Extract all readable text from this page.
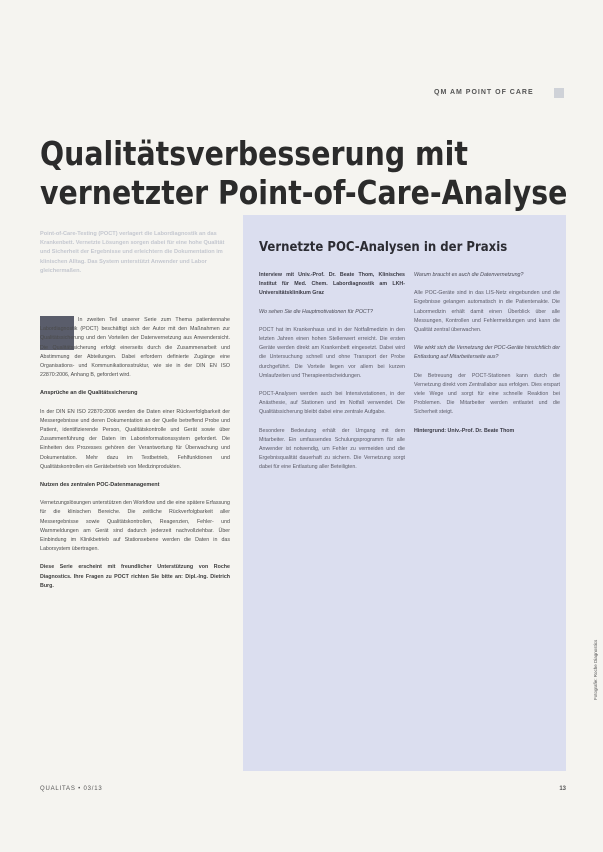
QM AM POINT OF CARE
Qualitätsverbesserung mit
vernetzter Point-of-Care-Analyse
Point-of-Care-Testing (POCT) verlagert die Labordiagnostik an das Krankenbett. Vernetzte Lösungen sorgen dabei für eine hohe Qualität und Sicherheit der Ergebnisse und erleichtern die Dokumentation im klinischen Alltag. Das System unterstützt Anwender und Labor gleichermaßen.

In zweiten Teil unserer Serie zum Thema patientennahe Labordiagnostik (POCT) beschäftigt sich der Autor mit den Maßnahmen zur Qualitätssicherung und den Vorteilen der Datenvernetzung aus Anwendersicht. Die Qualitätssicherung erfolgt einerseits durch die Zusammenarbeit und Abstimmung der Abteilungen. Dabei erfordern definierte Zugänge eine Organisations- und Kommunikationsstruktur, wie sie in der DIN EN ISO 22870:2006, Anhang B, gefordert wird.

Ansprüche an die Qualitätssicherung

In der DIN EN ISO 22870:2006 werden die Daten einer Rückverfolgbarkeit der Messergebnisse und deren Dokumentation an der Quelle betreffend Probe und Patient, identifizierende Person, Qualitätskontrolle und Gerät sowie über Zusammenführung der Daten im Laborinformationssystem gefordert. Die Einheiten des Prozesses gehören der Verantwortung für Überwachung und Dokumentation. Mehr dazu im Testbetrieb, Fehlfunktionen und Qualitätskontrollen ein Gerätebetrieb von Medizinprodukten.

Nutzen des zentralen POC-Datenmanagement

Vernetzungslösungen unterstützen den Workflow und die eine spätere Erfassung für die klinischen Bereiche. Die zeitliche Rückverfolgbarkeit aller Messergebnisse sowie Qualitätskontrollen, Reagenzien, Fehler- und Warnmeldungen am Gerät sind dadurch jederzeit nachvollziehbar. Über Einbindung im Klinikbetrieb auf Stationsebene werden die Daten in das Laborsystem übertragen.

Diese Serie erscheint mit freundlicher Unterstützung von Roche Diagnostics. Ihre Fragen zu POCT richten Sie bitte an: Dipl.-Ing. Dietrich Burg.

Vernetzte POC-Analysen in der Praxis

Interview mit Univ.-Prof. Dr. Beate Thom, Klinisches Institut für Med. Chem. Labordiagnostik am LKH-Universitätsklinikum Graz

Wo sehen Sie die Hauptmotivationen für POCT?

POCT hat im Krankenhaus und in der Notfallmedizin in den letzten Jahren einen hohen Stellenwert erreicht. Die ersten Geräte werden direkt am Krankenbett eingesetzt. Dabei wird die Untersuchung schnell und ohne Transport der Probe durchgeführt. Die Vorteile liegen vor allem bei kurzen Umlaufzeiten und Therapieentscheidungen.

POCT-Analysen werden auch bei Intensivstationen, in der Anästhesie, auf Stationen und im Notfall verwendet. Die Qualitätssicherung bleibt dabei eine zentrale Aufgabe.

Besondere Bedeutung erhält der Umgang mit dem Mitarbeiter. Ein umfassendes Schulungsprogramm für alle Anwender ist notwendig, um Fehler zu vermeiden und die Ergebnisqualität dauerhaft zu sichern. Die Vernetzung sorgt dabei für eine Entlastung aller Beteiligten.

Warum braucht es auch die Datenvernetzung?

Alle POC-Geräte sind in das LIS-Netz eingebunden und die Ergebnisse gelangen automatisch in die Patientenakte. Die Labormedizin erhält damit einen Überblick über alle Messungen, Kontrollen und Fehlermeldungen und kann die Qualität zentral überwachen.

Wie wirkt sich die Vernetzung der POC-Geräte hinsichtlich der Entlastung auf Mitarbeiterseite aus?

Die Betreuung der POCT-Stationen kann durch die Vernetzung direkt vom Zentrallabor aus erfolgen. Dies erspart viele Wege und sorgt für eine schnelle Reaktion bei Problemen. Die Mitarbeiter werden entlastet und die Sicherheit steigt.

Hintergrund: Univ.-Prof. Dr. Beate Thom

Fotografie: Roche Diagnostics
QUALITAS • 03/13	13
